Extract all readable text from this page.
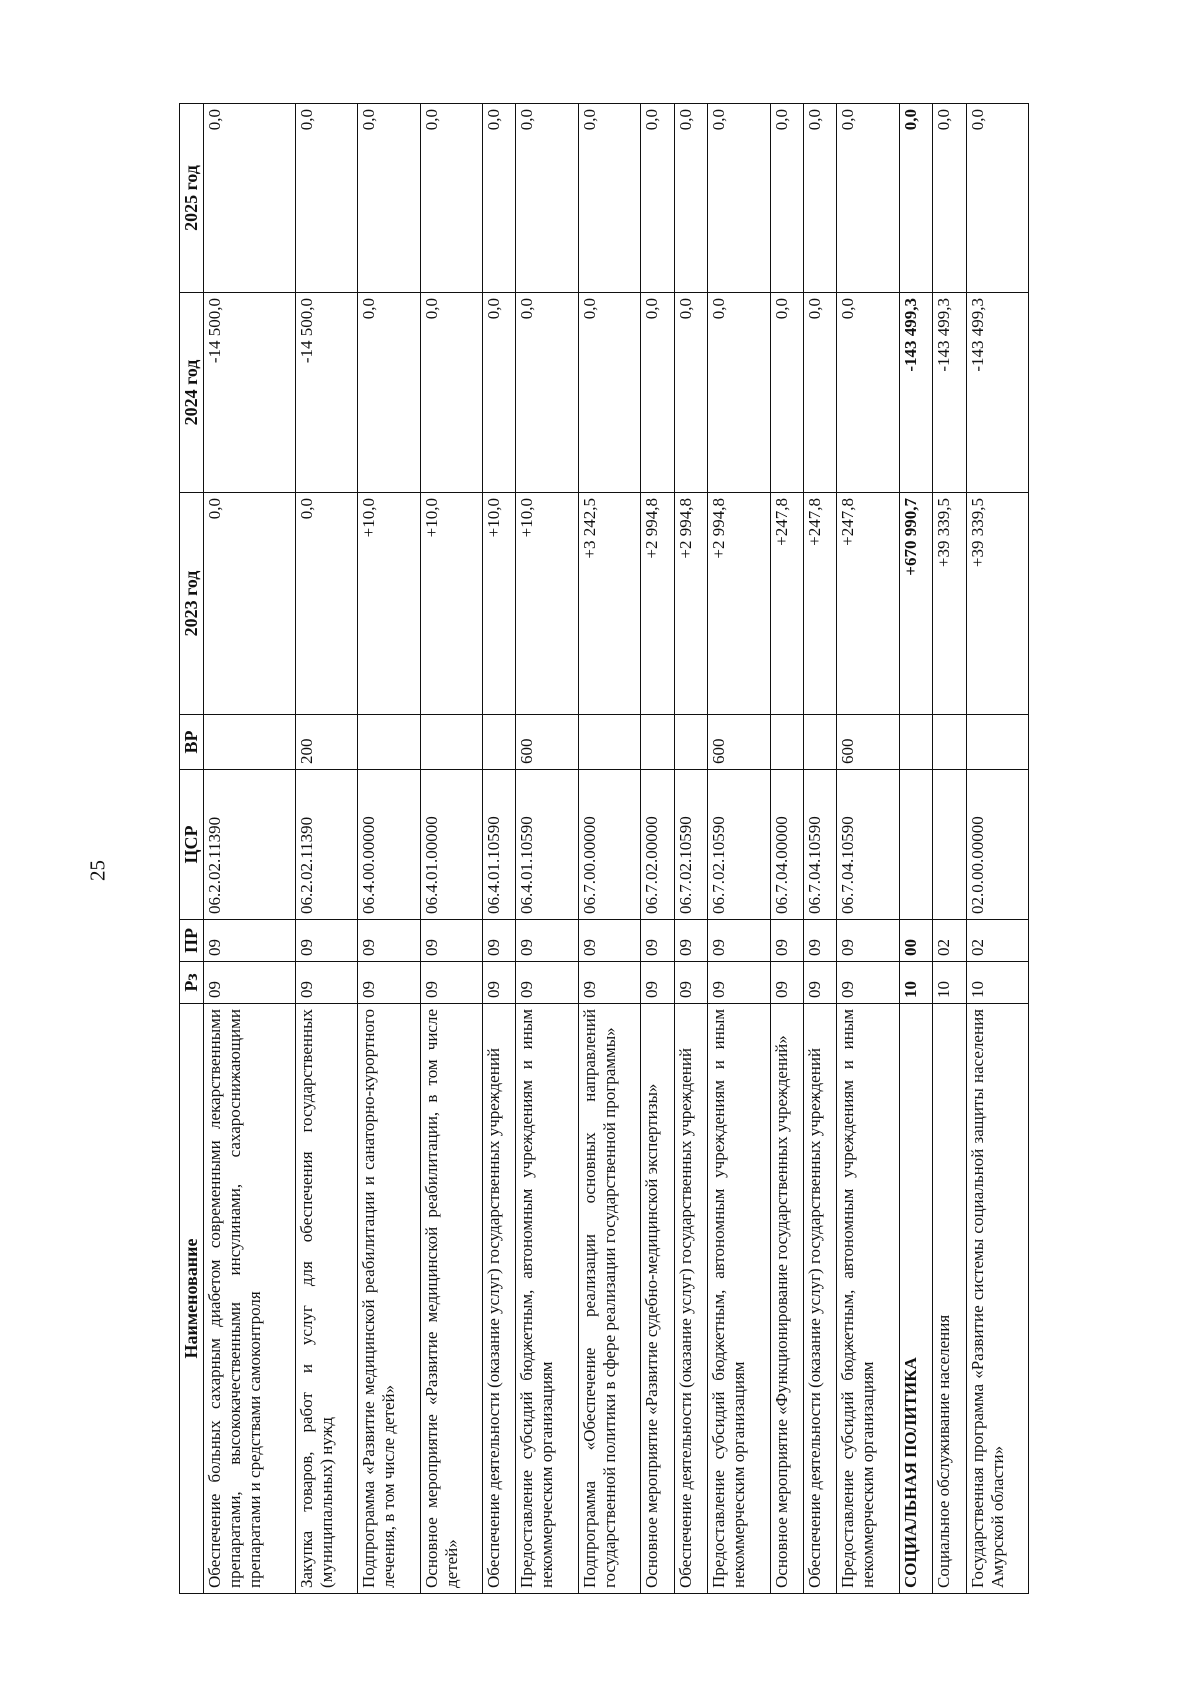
25
Наименование	Рз	ПР	ЦСР	ВР	2023 год	2024 год	2025 год
Обеспечение больных сахарным диабетом современными лекарственными препаратами, высококачественными инсулинами, сахароснижающими препаратами и средствами самоконтроля	09	09	06.2.02.11390		0,0	-14 500,0	0,0
Закупка товаров, работ и услуг для обеспечения государственных (муниципальных) нужд	09	09	06.2.02.11390	200	0,0	-14 500,0	0,0
Подпрограмма «Развитие медицинской реабилитации и санаторно-курортного лечения, в том числе детей»	09	09	06.4.00.00000		+10,0	0,0	0,0
Основное мероприятие «Развитие медицинской реабилитации, в том числе детей»	09	09	06.4.01.00000		+10,0	0,0	0,0
Обеспечение деятельности (оказание услуг) государственных учреждений	09	09	06.4.01.10590		+10,0	0,0	0,0
Предоставление субсидий бюджетным, автономным учреждениям и иным некоммерческим организациям	09	09	06.4.01.10590	600	+10,0	0,0	0,0
Подпрограмма «Обеспечение реализации основных направлений государственной политики в сфере реализации государственной программы»	09	09	06.7.00.00000		+3 242,5	0,0	0,0
Основное мероприятие «Развитие судебно-медицинской экспертизы»	09	09	06.7.02.00000		+2 994,8	0,0	0,0
Обеспечение деятельности (оказание услуг) государственных учреждений	09	09	06.7.02.10590		+2 994,8	0,0	0,0
Предоставление субсидий бюджетным, автономным учреждениям и иным некоммерческим организациям	09	09	06.7.02.10590	600	+2 994,8	0,0	0,0
Основное мероприятие «Функционирование государственных учреждений»	09	09	06.7.04.00000		+247,8	0,0	0,0
Обеспечение деятельности (оказание услуг) государственных учреждений	09	09	06.7.04.10590		+247,8	0,0	0,0
Предоставление субсидий бюджетным, автономным учреждениям и иным некоммерческим организациям	09	09	06.7.04.10590	600	+247,8	0,0	0,0
СОЦИАЛЬНАЯ ПОЛИТИКА	10	00			+670 990,7	-143 499,3	0,0
Социальное обслуживание населения	10	02			+39 339,5	-143 499,3	0,0
Государственная программа «Развитие системы социальной защиты населения Амурской области»	10	02	02.0.00.00000		+39 339,5	-143 499,3	0,0
